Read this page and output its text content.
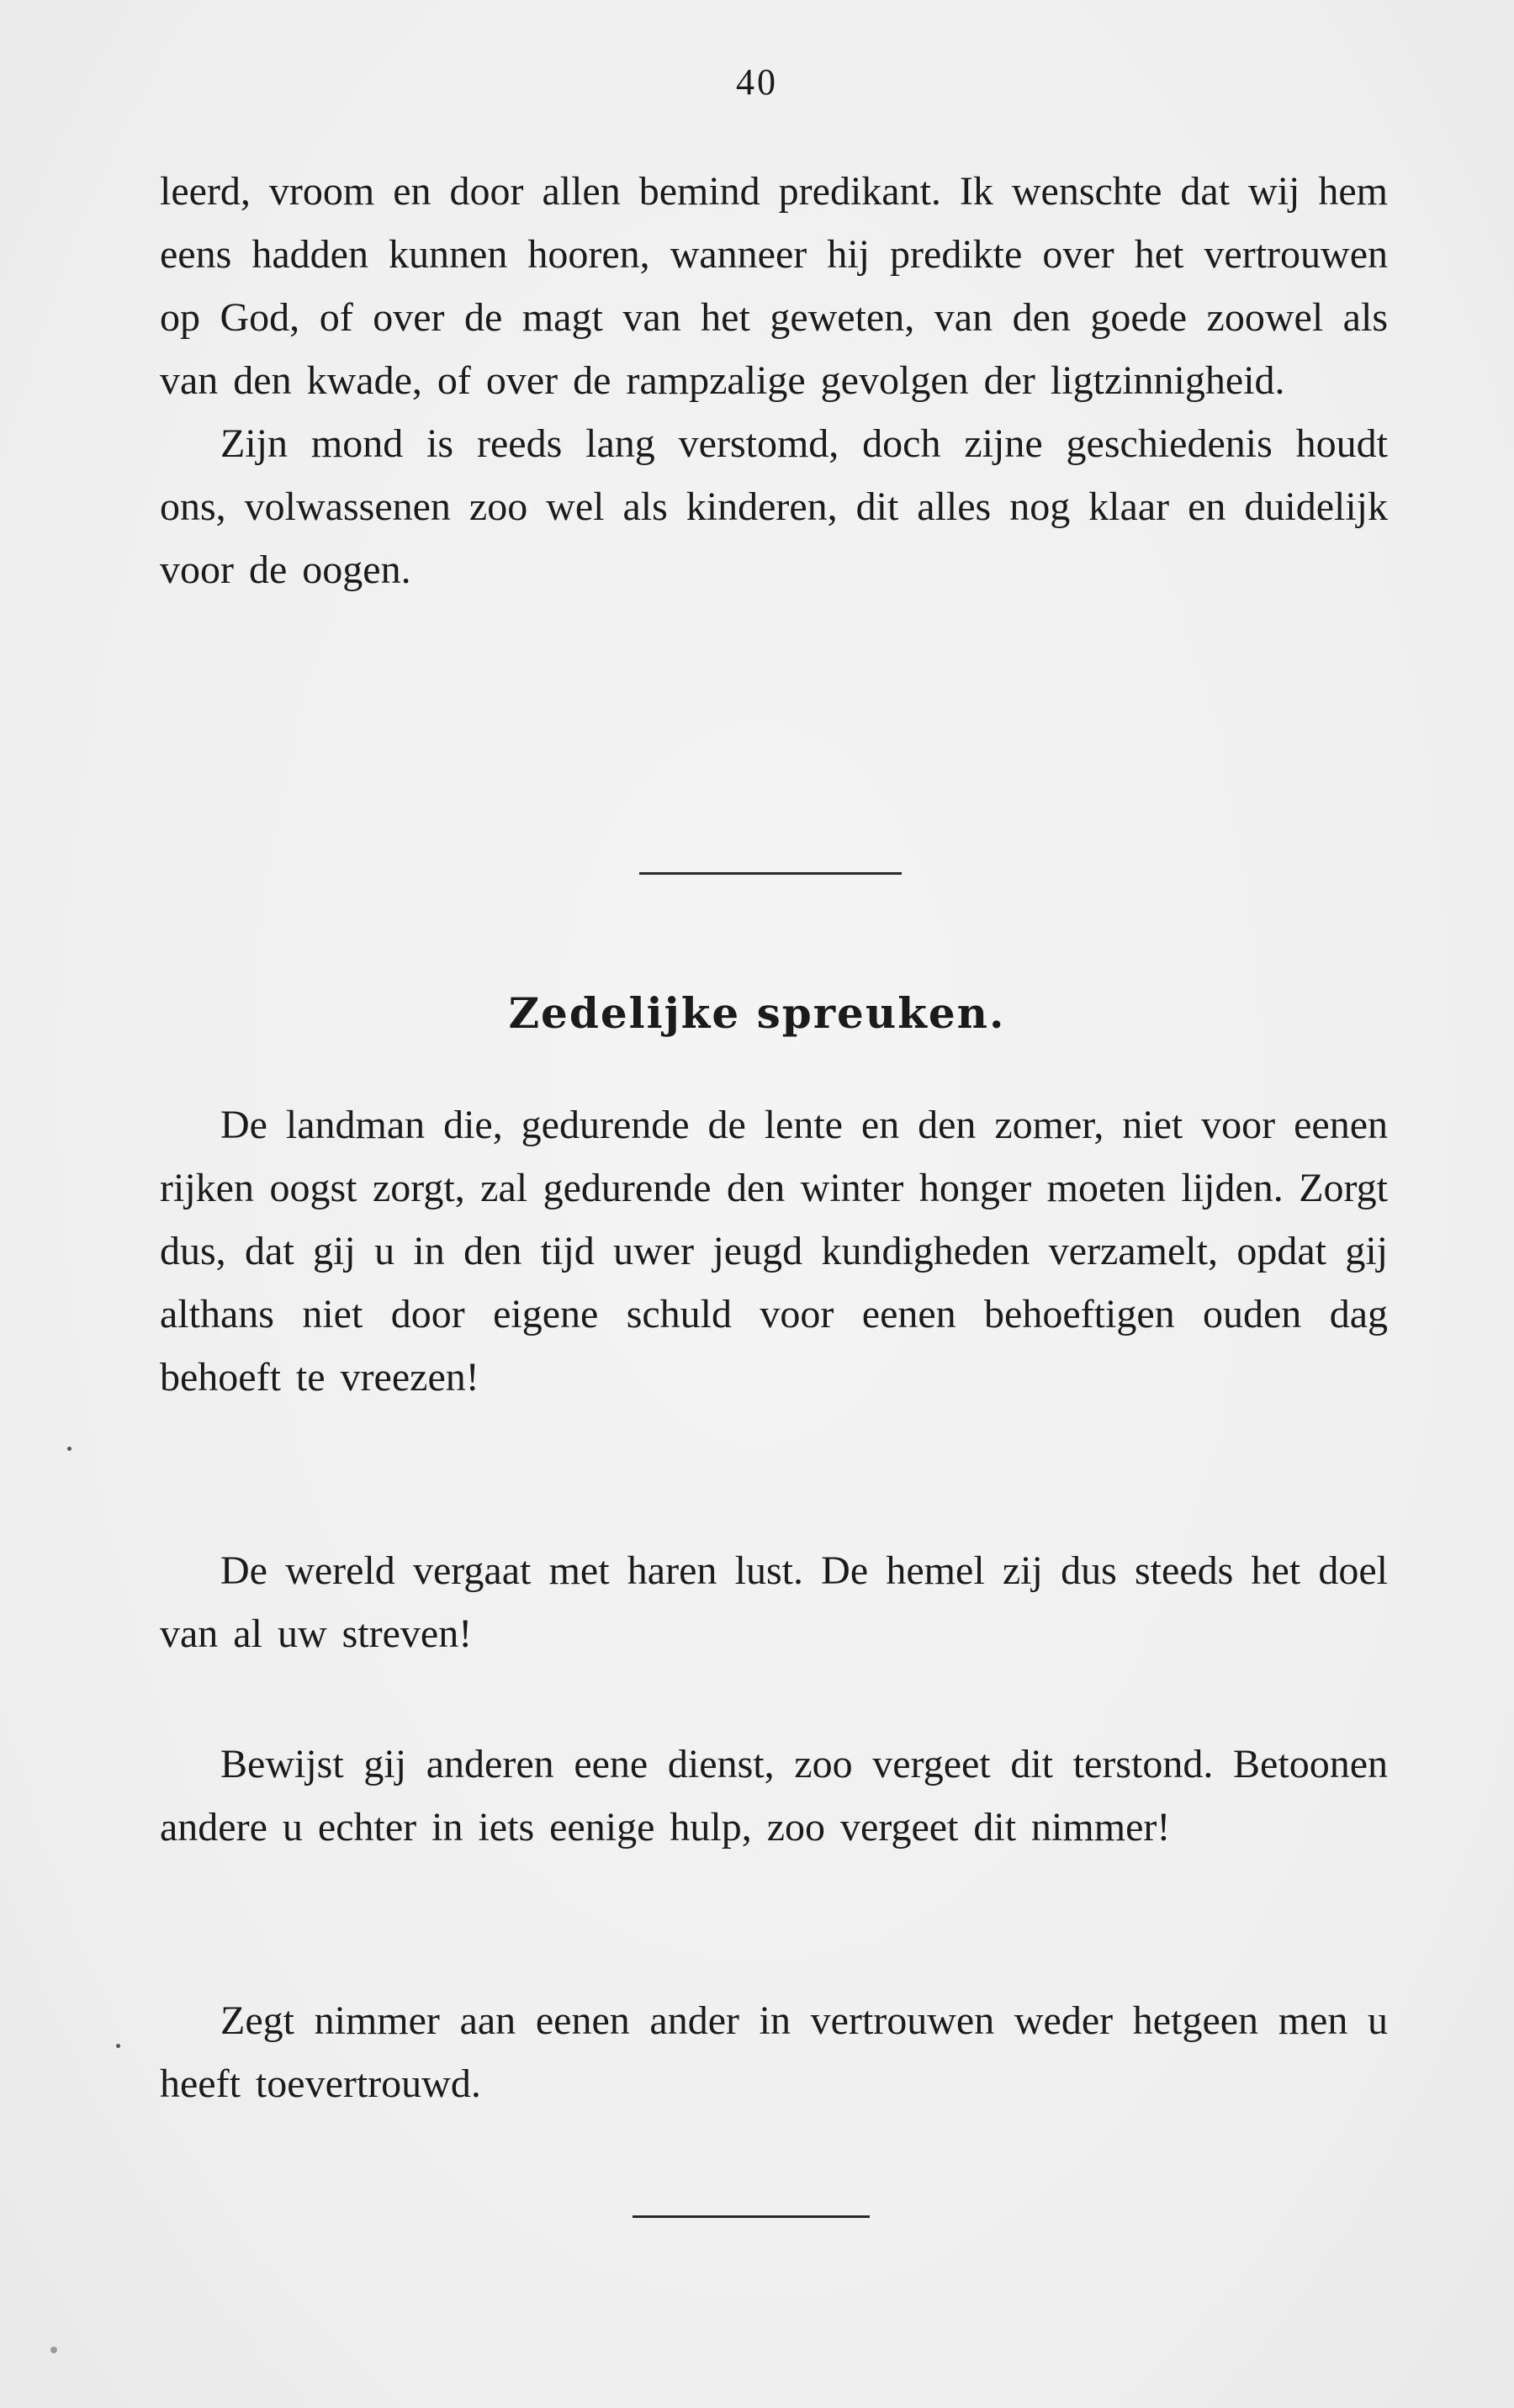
40

leerd, vroom en door allen bemind predikant. Ik wenschte dat wij hem eens hadden kunnen hooren, wanneer hij predikte over het vertrouwen op God, of over de magt van het geweten, van den goede zoowel als van den kwade, of over de rampzalige gevolgen der ligtzinnigheid.

Zijn mond is reeds lang verstomd, doch zijne geschiedenis houdt ons, volwassenen zoo wel als kinderen, dit alles nog klaar en duidelijk voor de oogen.

Zedelijke spreuken.

De landman die, gedurende de lente en den zomer, niet voor eenen rijken oogst zorgt, zal gedurende den winter honger moeten lijden. Zorgt dus, dat gij u in den tijd uwer jeugd kundigheden verzamelt, opdat gij althans niet door eigene schuld voor eenen behoeftigen ouden dag behoeft te vreezen!

De wereld vergaat met haren lust. De hemel zij dus steeds het doel van al uw streven!

Bewijst gij anderen eene dienst, zoo vergeet dit terstond. Betoonen andere u echter in iets eenige hulp, zoo vergeet dit nimmer!

Zegt nimmer aan eenen ander in vertrouwen weder hetgeen men u heeft toevertrouwd.
